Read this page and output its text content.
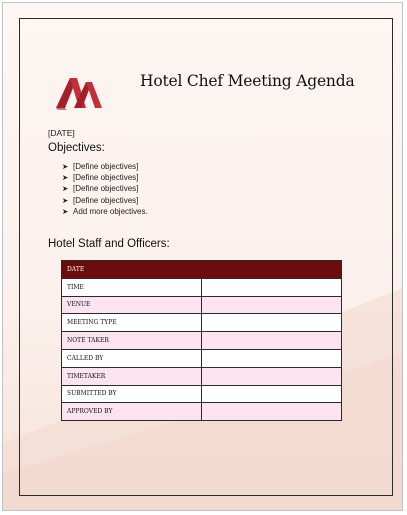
Hotel Chef Meeting Agenda
[DATE]
Objectives:
➤ [Define objectives]
➤ [Define objectives]
➤ [Define objectives]
➤ [Define objectives]
➤ Add more objectives.
Hotel Staff and Officers:
DATE	
TIME	
VENUE	
MEETING TYPE	
NOTE TAKER	
CALLED BY	
TIMETAKER	
SUBMITTED BY	
APPROVED BY	
